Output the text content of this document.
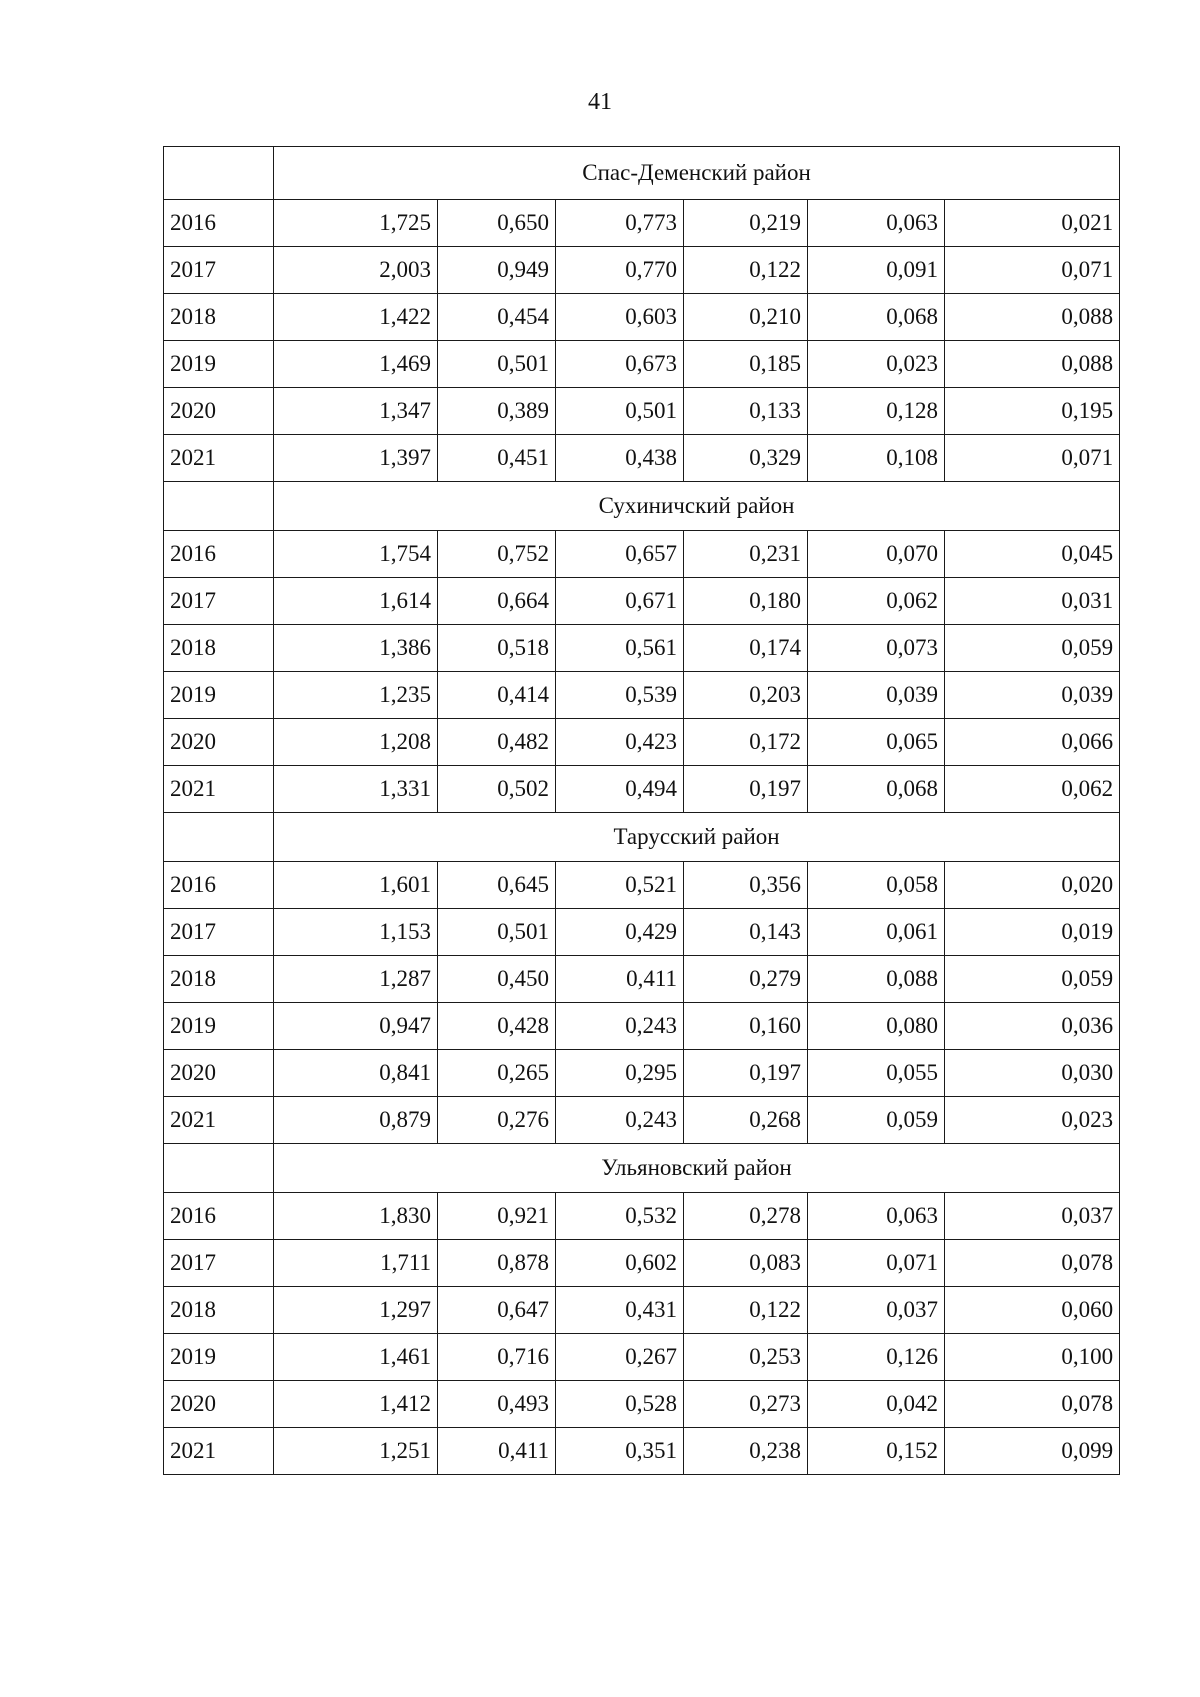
41
	Спас-Деменский район					
2016	1,725	0,650	0,773	0,219	0,063	0,021
2017	2,003	0,949	0,770	0,122	0,091	0,071
2018	1,422	0,454	0,603	0,210	0,068	0,088
2019	1,469	0,501	0,673	0,185	0,023	0,088
2020	1,347	0,389	0,501	0,133	0,128	0,195
2021	1,397	0,451	0,438	0,329	0,108	0,071
	Сухиничский район					
2016	1,754	0,752	0,657	0,231	0,070	0,045
2017	1,614	0,664	0,671	0,180	0,062	0,031
2018	1,386	0,518	0,561	0,174	0,073	0,059
2019	1,235	0,414	0,539	0,203	0,039	0,039
2020	1,208	0,482	0,423	0,172	0,065	0,066
2021	1,331	0,502	0,494	0,197	0,068	0,062
	Тарусский район					
2016	1,601	0,645	0,521	0,356	0,058	0,020
2017	1,153	0,501	0,429	0,143	0,061	0,019
2018	1,287	0,450	0,411	0,279	0,088	0,059
2019	0,947	0,428	0,243	0,160	0,080	0,036
2020	0,841	0,265	0,295	0,197	0,055	0,030
2021	0,879	0,276	0,243	0,268	0,059	0,023
	Ульяновский район					
2016	1,830	0,921	0,532	0,278	0,063	0,037
2017	1,711	0,878	0,602	0,083	0,071	0,078
2018	1,297	0,647	0,431	0,122	0,037	0,060
2019	1,461	0,716	0,267	0,253	0,126	0,100
2020	1,412	0,493	0,528	0,273	0,042	0,078
2021	1,251	0,411	0,351	0,238	0,152	0,099
